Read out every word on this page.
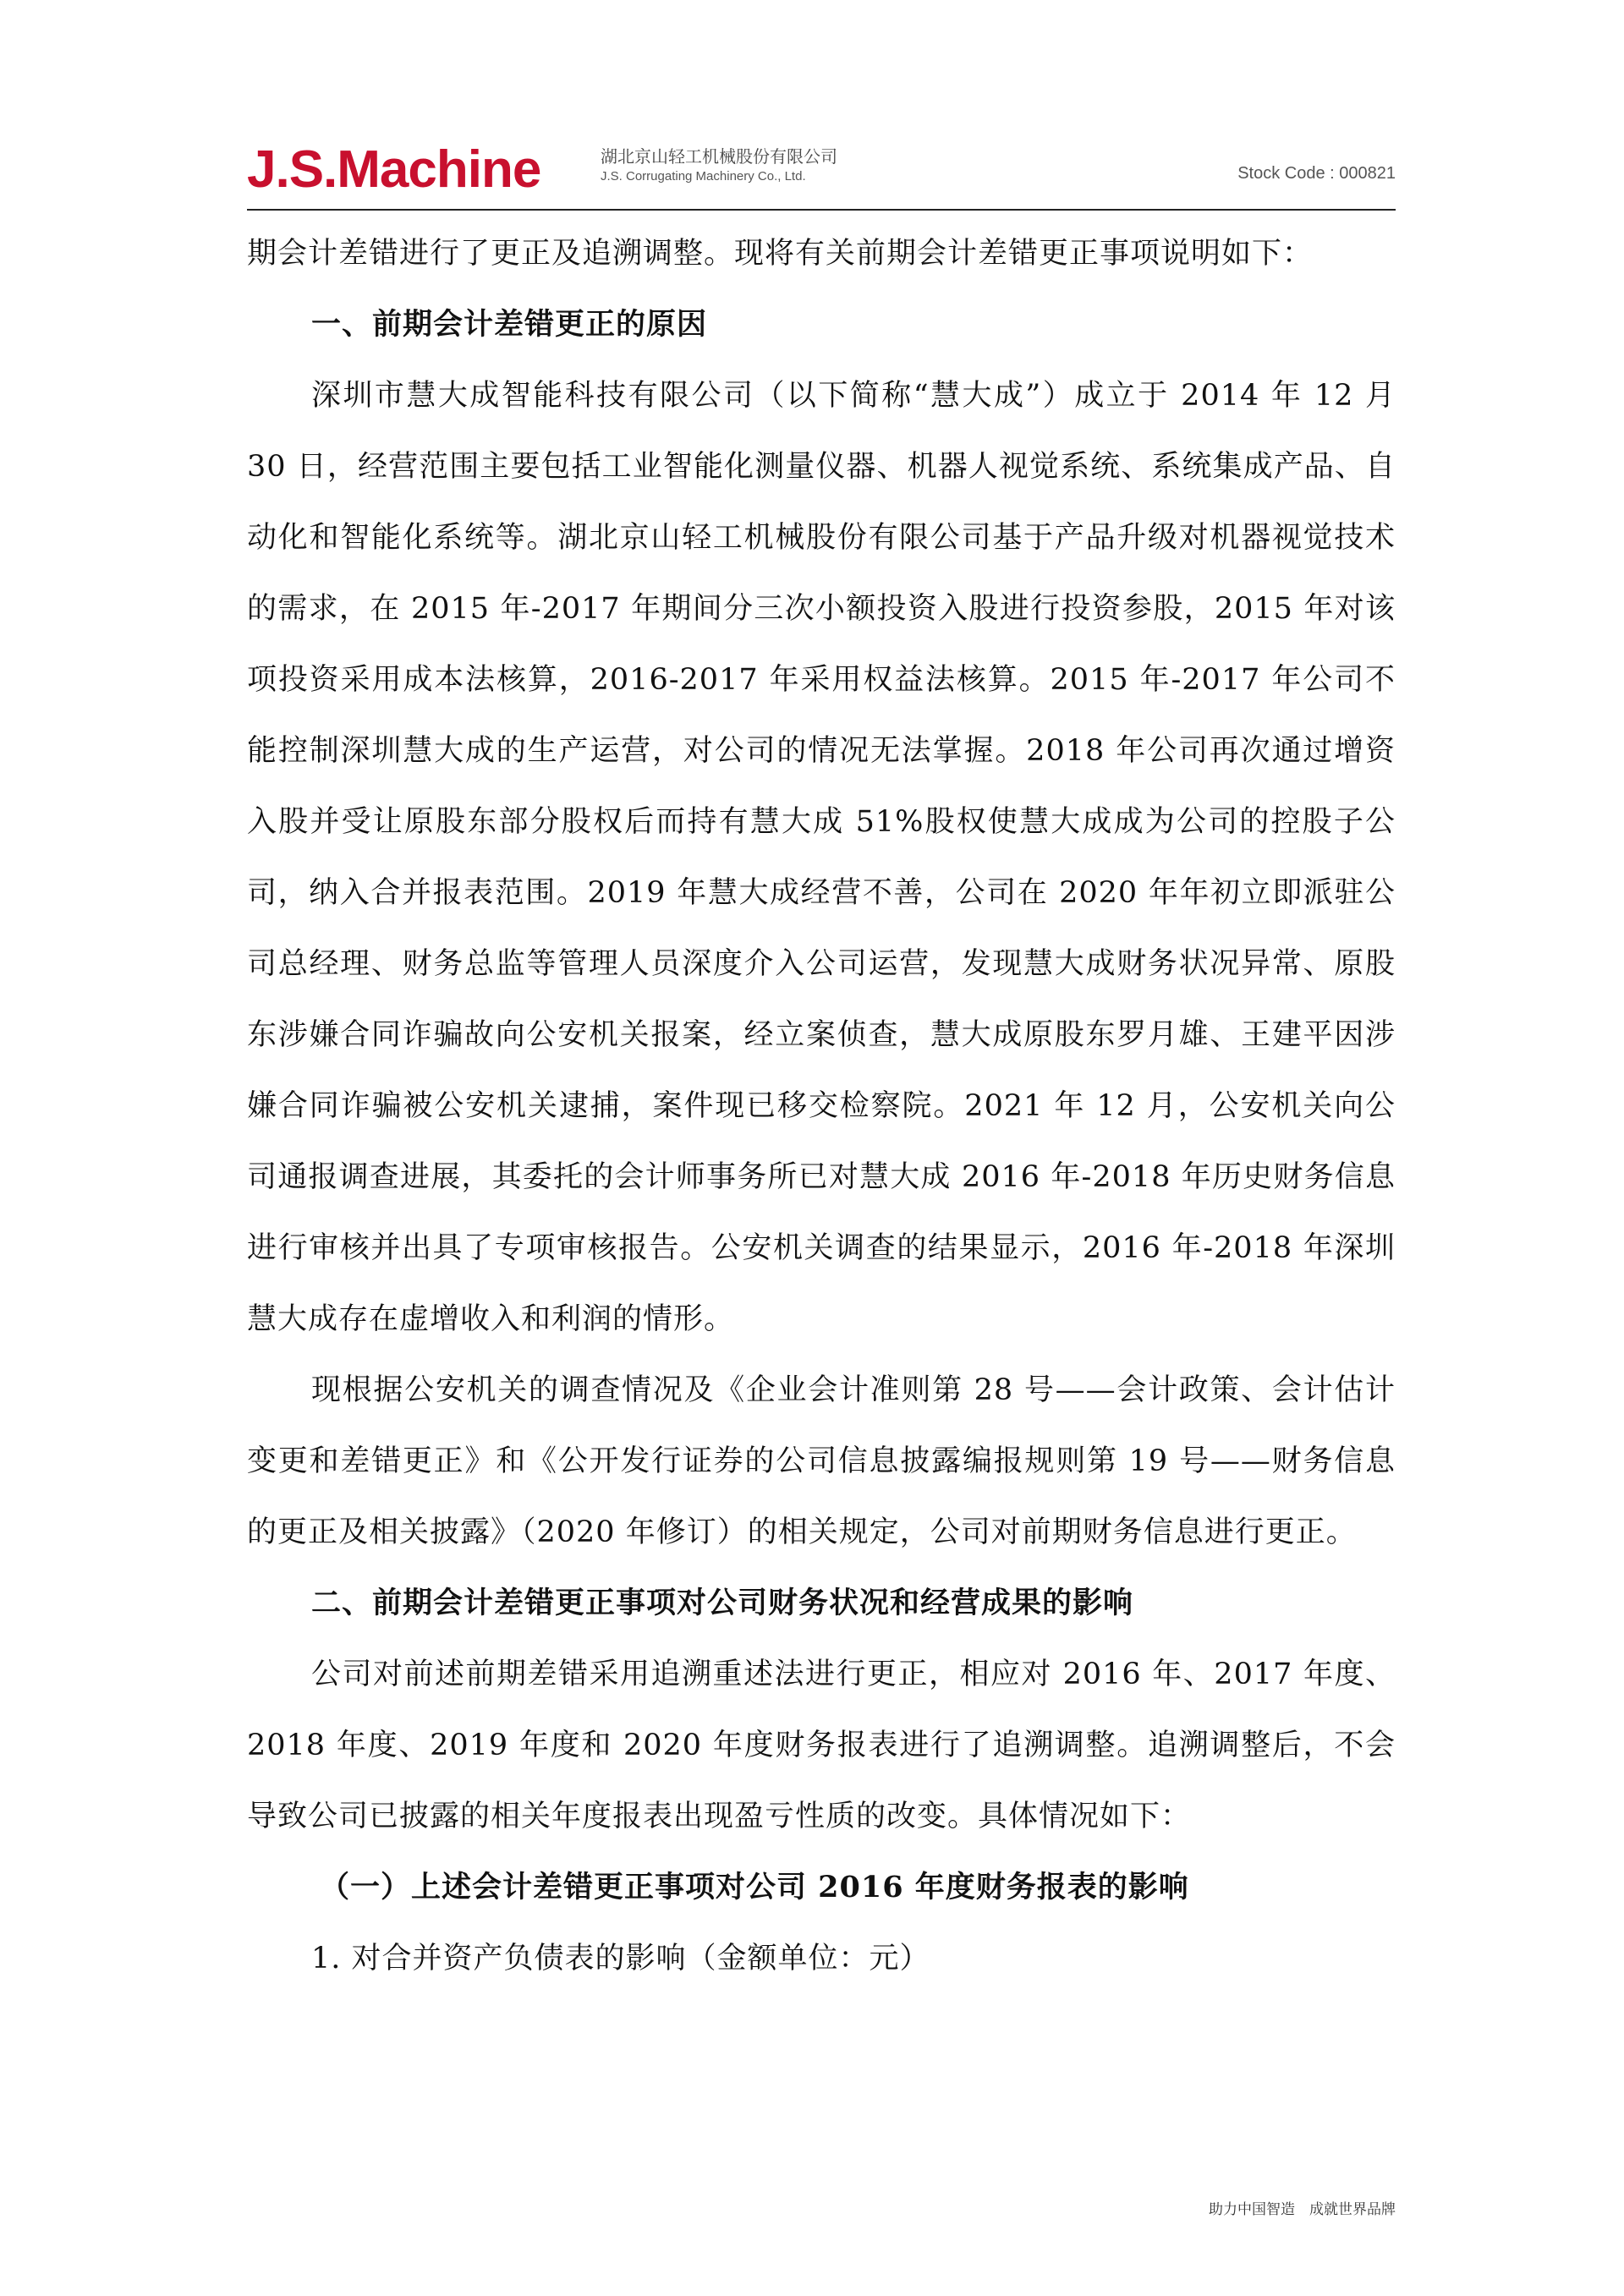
J.S.Machine	湖北京山轻工机械股份有限公司
J.S. Corrugating Machinery Co., Ltd.	Stock Code : 000821

期会计差错进行了更正及追溯调整。现将有关前期会计差错更正事项说明如下：

一、前期会计差错更正的原因

深圳市慧大成智能科技有限公司（以下简称“慧大成”）成立于 2014 年 12 月 30 日，经营范围主要包括工业智能化测量仪器、机器人视觉系统、系统集成产品、自动化和智能化系统等。湖北京山轻工机械股份有限公司基于产品升级对机器视觉技术的需求，在 2015 年-2017 年期间分三次小额投资入股进行投资参股，2015 年对该项投资采用成本法核算，2016-2017 年采用权益法核算。2015 年-2017 年公司不能控制深圳慧大成的生产运营，对公司的情况无法掌握。2018 年公司再次通过增资入股并受让原股东部分股权后而持有慧大成 51%股权使慧大成成为公司的控股子公司，纳入合并报表范围。2019 年慧大成经营不善，公司在 2020 年年初立即派驻公司总经理、财务总监等管理人员深度介入公司运营，发现慧大成财务状况异常、原股东涉嫌合同诈骗故向公安机关报案，经立案侦查，慧大成原股东罗月雄、王建平因涉嫌合同诈骗被公安机关逮捕，案件现已移交检察院。2021 年 12 月，公安机关向公司通报调查进展，其委托的会计师事务所已对慧大成 2016 年-2018 年历史财务信息进行审核并出具了专项审核报告。公安机关调查的结果显示，2016 年-2018 年深圳慧大成存在虚增收入和利润的情形。

现根据公安机关的调查情况及《企业会计准则第 28 号——会计政策、会计估计变更和差错更正》和《公开发行证券的公司信息披露编报规则第 19 号——财务信息的更正及相关披露》（2020 年修订）的相关规定，公司对前期财务信息进行更正。

二、前期会计差错更正事项对公司财务状况和经营成果的影响

公司对前述前期差错采用追溯重述法进行更正，相应对 2016 年、2017 年度、2018 年度、2019 年度和 2020 年度财务报表进行了追溯调整。追溯调整后，不会导致公司已披露的相关年度报表出现盈亏性质的改变。具体情况如下：

（一）上述会计差错更正事项对公司 2016 年度财务报表的影响

1. 对合并资产负债表的影响（金额单位：元）

助力中国智造　成就世界品牌
